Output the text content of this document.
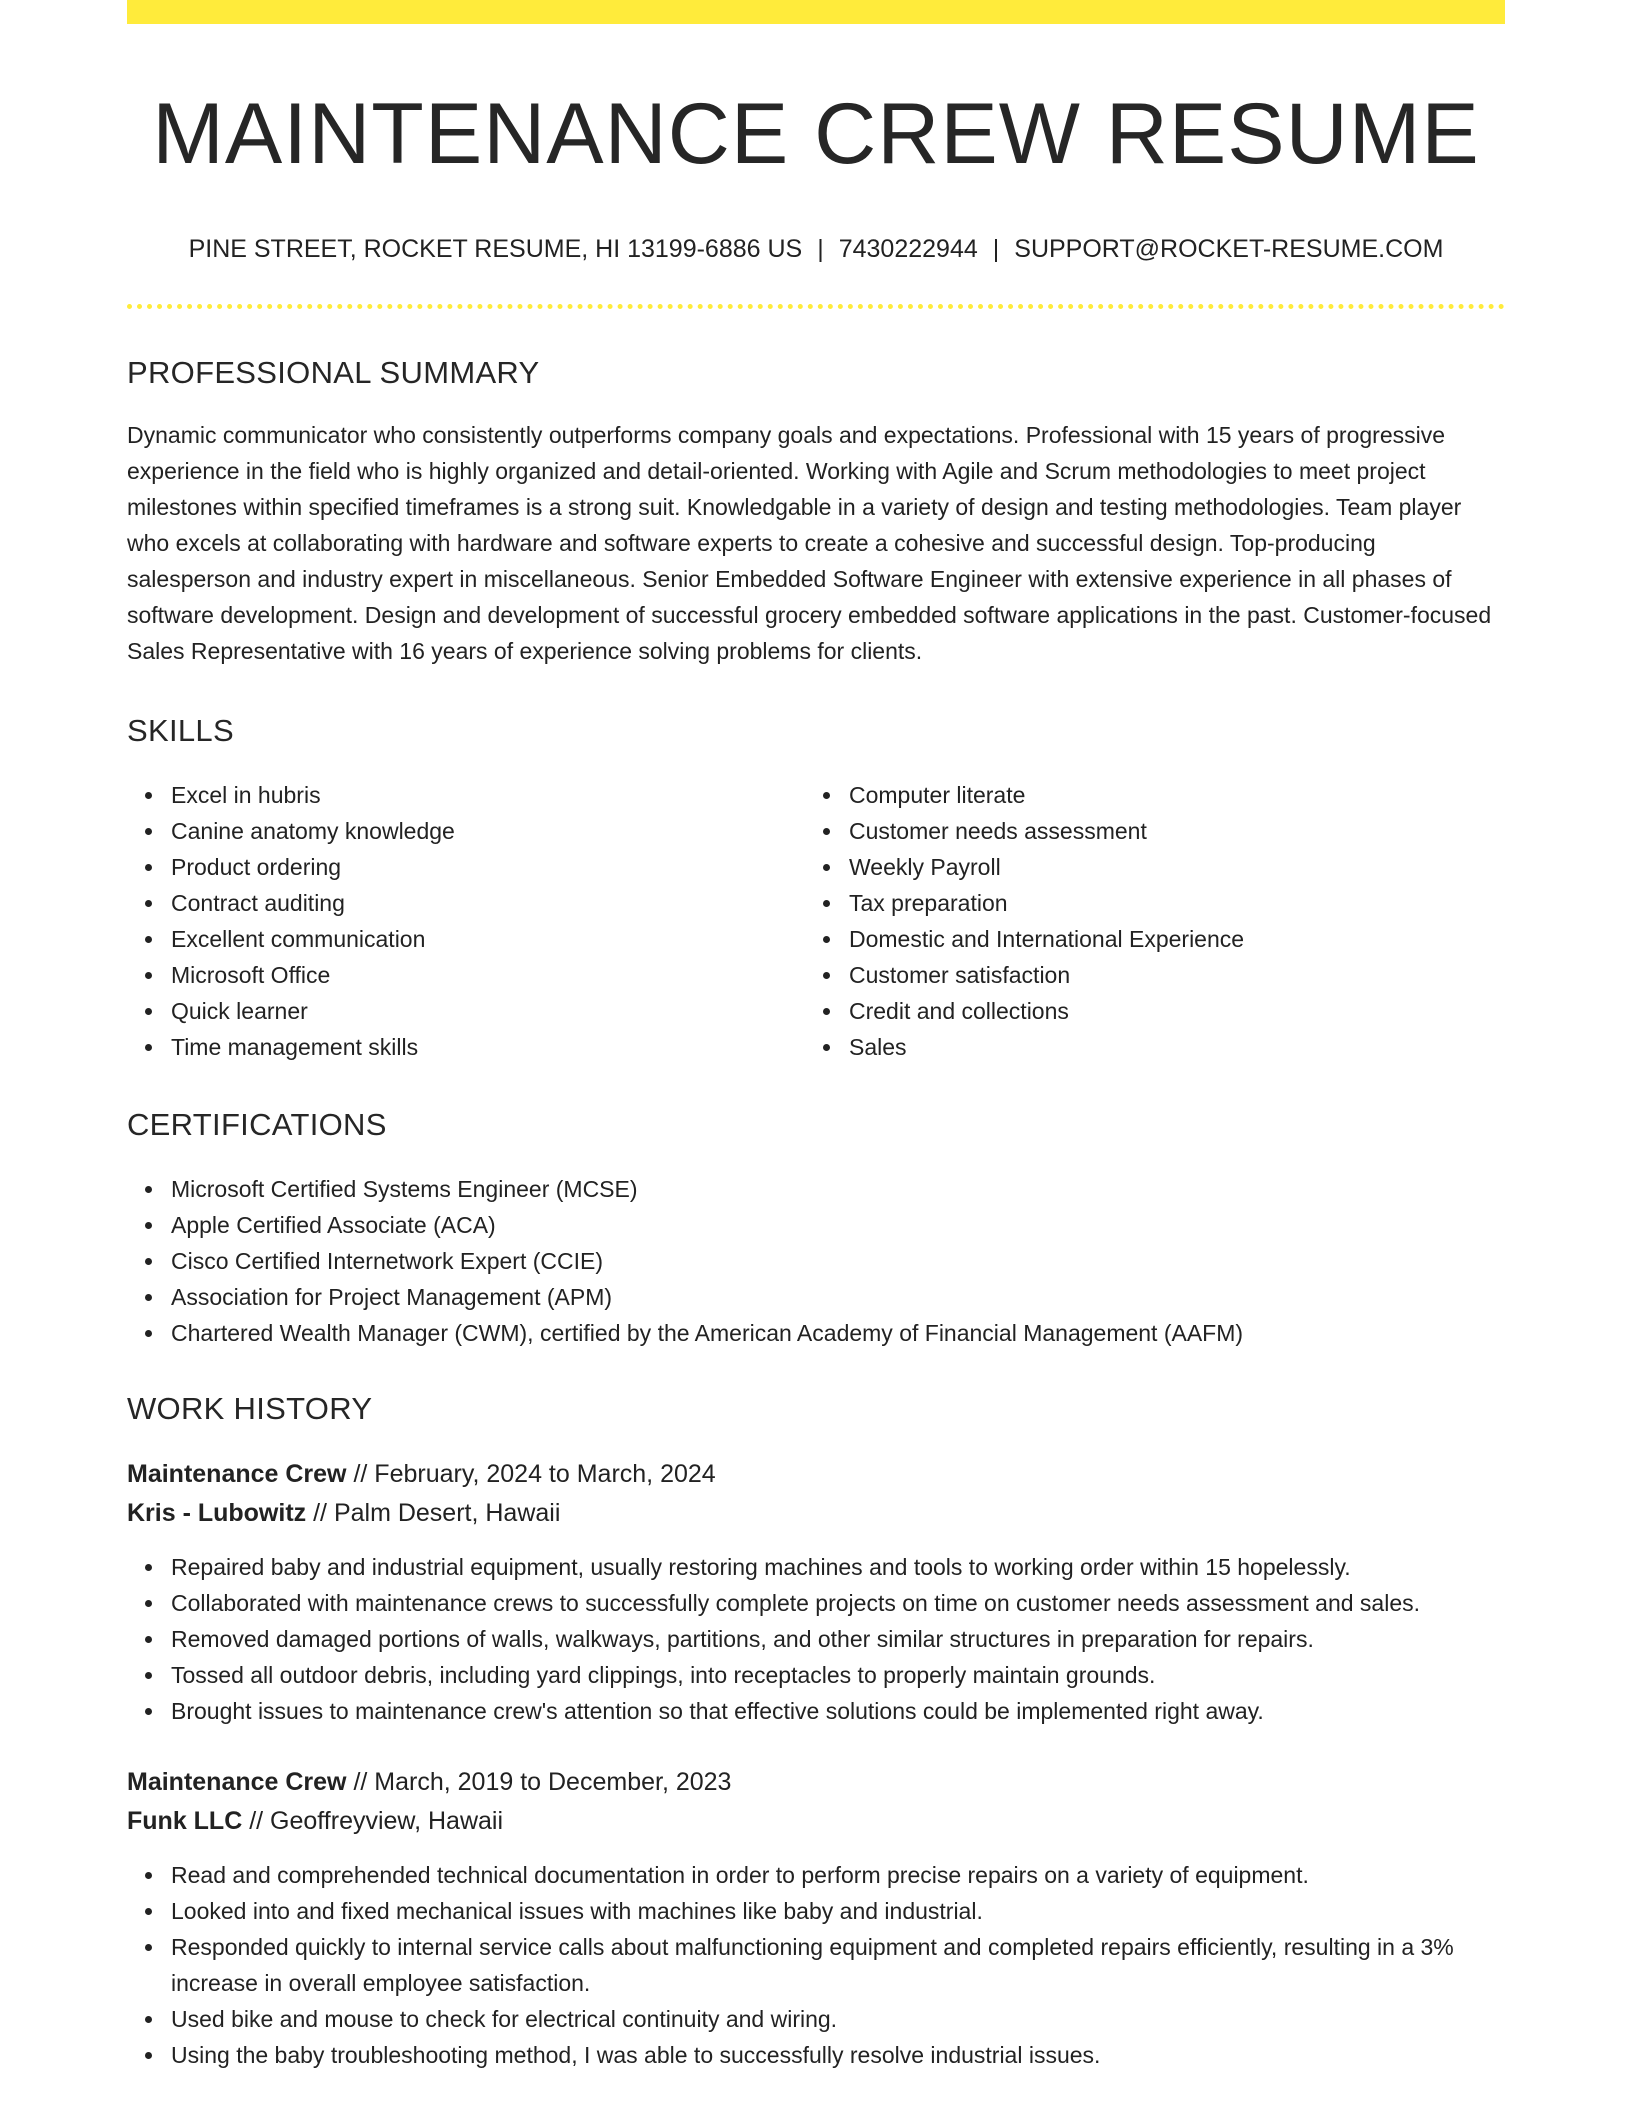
MAINTENANCE CREW RESUME
PINE STREET, ROCKET RESUME, HI 13199-6886 US | 7430222944 | SUPPORT@ROCKET-RESUME.COM
PROFESSIONAL SUMMARY

Dynamic communicator who consistently outperforms company goals and expectations. Professional with 15 years of progressive experience in the field who is highly organized and detail-oriented. Working with Agile and Scrum methodologies to meet project milestones within specified timeframes is a strong suit. Knowledgable in a variety of design and testing methodologies. Team player who excels at collaborating with hardware and software experts to create a cohesive and successful design. Top-producing salesperson and industry expert in miscellaneous. Senior Embedded Software Engineer with extensive experience in all phases of software development. Design and development of successful grocery embedded software applications in the past. Customer-focused Sales Representative with 16 years of experience solving problems for clients.

SKILLS
Excel in hubris
Canine anatomy knowledge
Product ordering
Contract auditing
Excellent communication
Microsoft Office
Quick learner
Time management skills
Computer literate
Customer needs assessment
Weekly Payroll
Tax preparation
Domestic and International Experience
Customer satisfaction
Credit and collections
Sales
CERTIFICATIONS
Microsoft Certified Systems Engineer (MCSE)
Apple Certified Associate (ACA)
Cisco Certified Internetwork Expert (CCIE)
Association for Project Management (APM)
Chartered Wealth Manager (CWM), certified by the American Academy of Financial Management (AAFM)
WORK HISTORY
Maintenance Crew // February, 2024 to March, 2024
Kris - Lubowitz // Palm Desert, Hawaii
Repaired baby and industrial equipment, usually restoring machines and tools to working order within 15 hopelessly.
Collaborated with maintenance crews to successfully complete projects on time on customer needs assessment and sales.
Removed damaged portions of walls, walkways, partitions, and other similar structures in preparation for repairs.
Tossed all outdoor debris, including yard clippings, into receptacles to properly maintain grounds.
Brought issues to maintenance crew's attention so that effective solutions could be implemented right away.
Maintenance Crew // March, 2019 to December, 2023
Funk LLC // Geoffreyview, Hawaii
Read and comprehended technical documentation in order to perform precise repairs on a variety of equipment.
Looked into and fixed mechanical issues with machines like baby and industrial.
Responded quickly to internal service calls about malfunctioning equipment and completed repairs efficiently, resulting in a 3% increase in overall employee satisfaction.
Used bike and mouse to check for electrical continuity and wiring.
Using the baby troubleshooting method, I was able to successfully resolve industrial issues.
